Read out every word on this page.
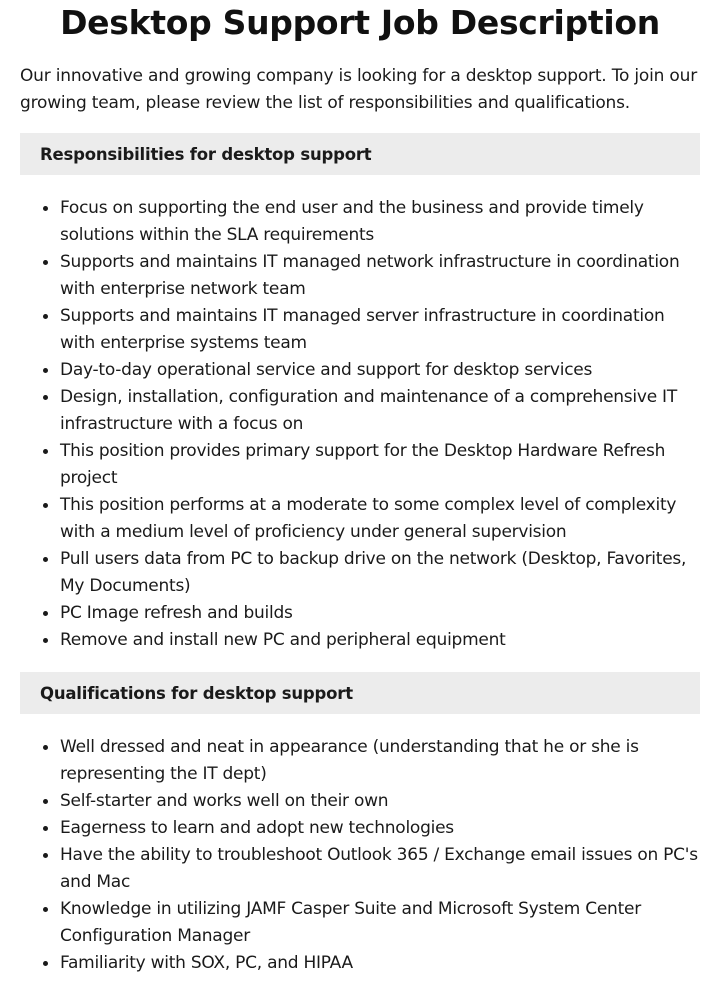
Desktop Support Job Description

Our innovative and growing company is looking for a desktop support. To join our growing team, please review the list of responsibilities and qualifications.

Responsibilities for desktop support
Focus on supporting the end user and the business and provide timely solutions within the SLA requirements
Supports and maintains IT managed network infrastructure in coordination with enterprise network team
Supports and maintains IT managed server infrastructure in coordination with enterprise systems team
Day-to-day operational service and support for desktop services
Design, installation, configuration and maintenance of a comprehensive IT infrastructure with a focus on
This position provides primary support for the Desktop Hardware Refresh project
This position performs at a moderate to some complex level of complexity with a medium level of proficiency under general supervision
Pull users data from PC to backup drive on the network (Desktop, Favorites, My Documents)
PC Image refresh and builds
Remove and install new PC and peripheral equipment
Qualifications for desktop support
Well dressed and neat in appearance (understanding that he or she is representing the IT dept)
Self-starter and works well on their own
Eagerness to learn and adopt new technologies
Have the ability to troubleshoot Outlook 365 / Exchange email issues on PC's and Mac
Knowledge in utilizing JAMF Casper Suite and Microsoft System Center Configuration Manager
Familiarity with SOX, PC, and HIPAA
